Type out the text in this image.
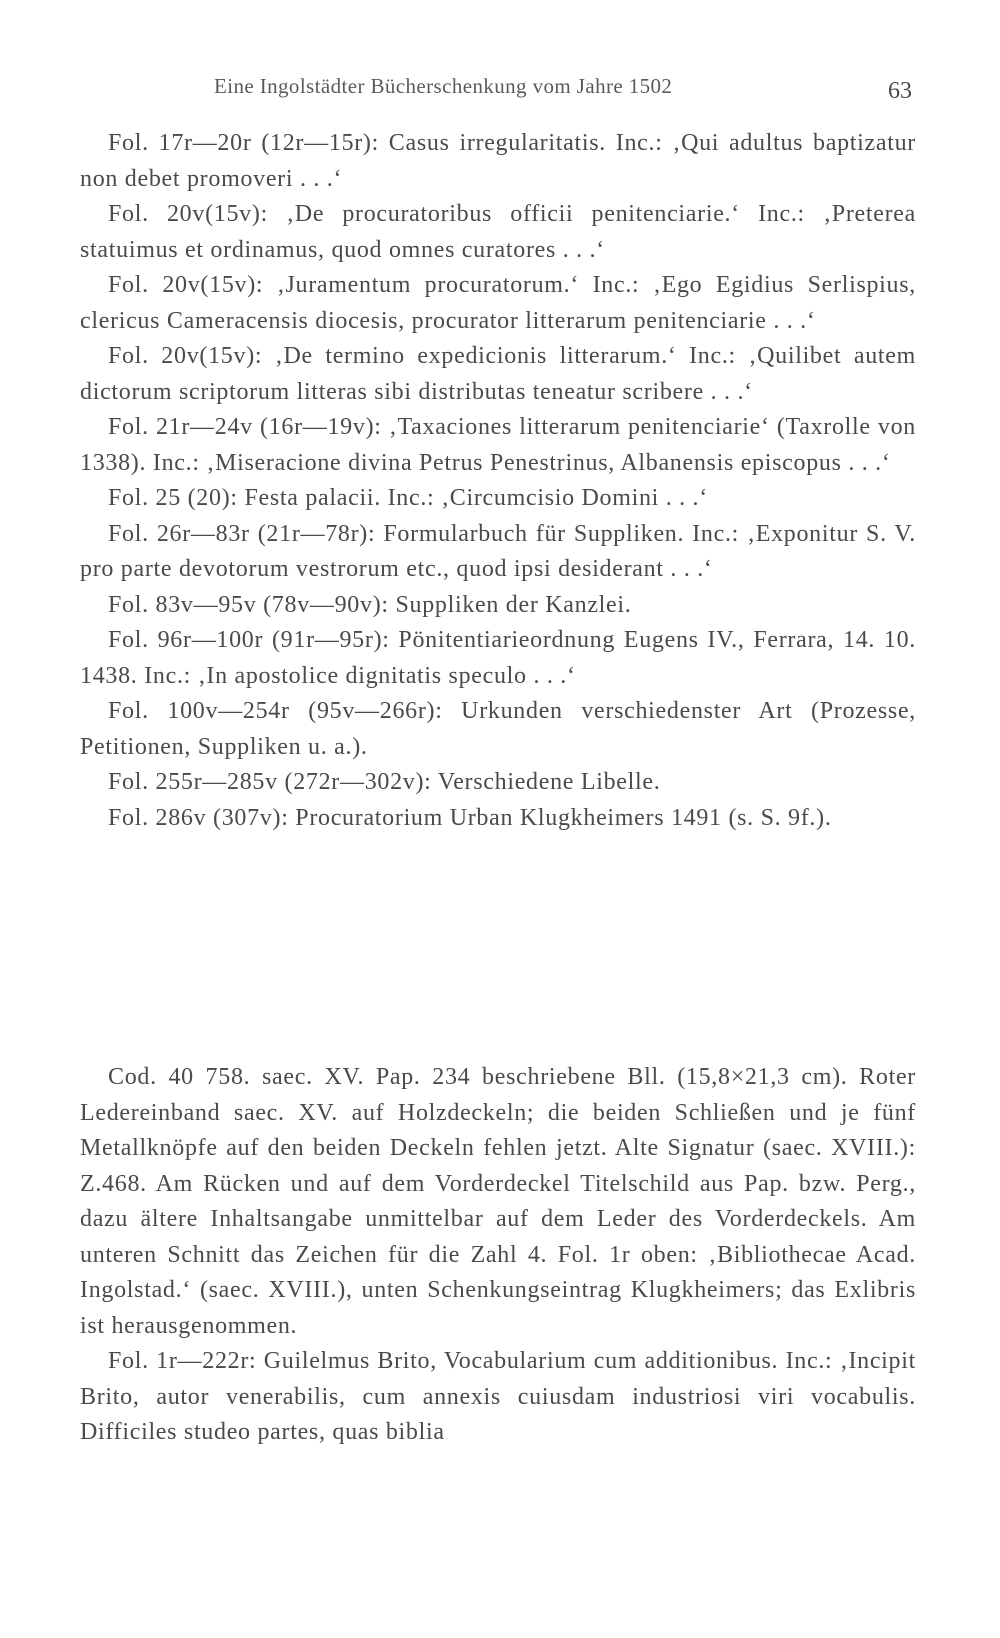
Eine Ingolstädter Bücherschenkung vom Jahre 1502	63

Fol. 17r—20r (12r—15r): Casus irregularitatis. Inc.: ‚Qui adultus baptizatur non debet promoveri . . .‘

Fol. 20v(15v): ‚De procuratoribus officii penitenciarie.‘ Inc.: ‚Preterea statuimus et ordinamus, quod omnes curatores . . .‘

Fol. 20v(15v): ‚Juramentum procuratorum.‘ Inc.: ‚Ego Egidius Serlispius, clericus Cameracensis diocesis, procurator litterarum penitenciarie . . .‘

Fol. 20v(15v): ‚De termino expedicionis litterarum.‘ Inc.: ‚Quilibet autem dictorum scriptorum litteras sibi distributas teneatur scribere . . .‘

Fol. 21r—24v (16r—19v): ‚Taxaciones litterarum penitenciarie‘ (Taxrolle von 1338). Inc.: ‚Miseracione divina Petrus Penestrinus, Albanensis episcopus . . .‘

Fol. 25 (20): Festa palacii. Inc.: ‚Circumcisio Domini . . .‘

Fol. 26r—83r (21r—78r): Formularbuch für Suppliken. Inc.: ‚Exponitur S. V. pro parte devotorum vestrorum etc., quod ipsi desiderant . . .‘

Fol. 83v—95v (78v—90v): Suppliken der Kanzlei.

Fol. 96r—100r (91r—95r): Pönitentiarieordnung Eugens IV., Ferrara, 14. 10. 1438. Inc.: ‚In apostolice dignitatis speculo . . .‘

Fol. 100v—254r (95v—266r): Urkunden verschiedenster Art (Prozesse, Petitionen, Suppliken u. a.).

Fol. 255r—285v (272r—302v): Verschiedene Libelle.

Fol. 286v (307v): Procuratorium Urban Klugkheimers 1491 (s. S. 9f.).

Cod. 40 758. saec. XV. Pap. 234 beschriebene Bll. (15,8×21,3 cm). Roter Ledereinband saec. XV. auf Holzdeckeln; die beiden Schließen und je fünf Metallknöpfe auf den beiden Deckeln fehlen jetzt. Alte Signatur (saec. XVIII.): Z.468. Am Rücken und auf dem Vorderdeckel Titelschild aus Pap. bzw. Perg., dazu ältere Inhaltsangabe unmittelbar auf dem Leder des Vorderdeckels. Am unteren Schnitt das Zeichen für die Zahl 4. Fol. 1r oben: ‚Bibliothecae Acad. Ingolstad.‘ (saec. XVIII.), unten Schenkungseintrag Klugkheimers; das Exlibris ist herausgenommen.

Fol. 1r—222r: Guilelmus Brito, Vocabularium cum additionibus. Inc.: ‚Incipit Brito, autor venerabilis, cum annexis cuiusdam industriosi viri vocabulis. Difficiles studeo partes, quas biblia
